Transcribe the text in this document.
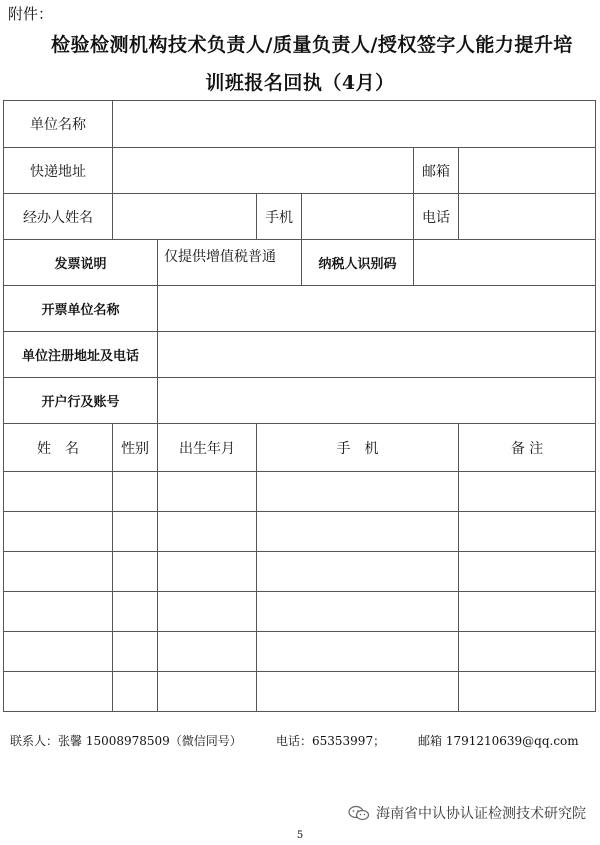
附件：
检验检测机构技术负责人/质量负责人/授权签字人能力提升培
训班报名回执（4月）
单位名称						
快递地址					邮箱	
经办人姓名			手机		电话	
发票说明		仅提供增值税普通		纳税人识别码		
开票单位名称						
单位注册地址及电话						
开户行及账号						
姓　名	性别	出生年月	手　机			备 注

联系人：张馨 15008978509（微信同号）	电话：65353997；	邮箱 1791210639@qq.com
海南省中认协认证检测技术研究院
5
